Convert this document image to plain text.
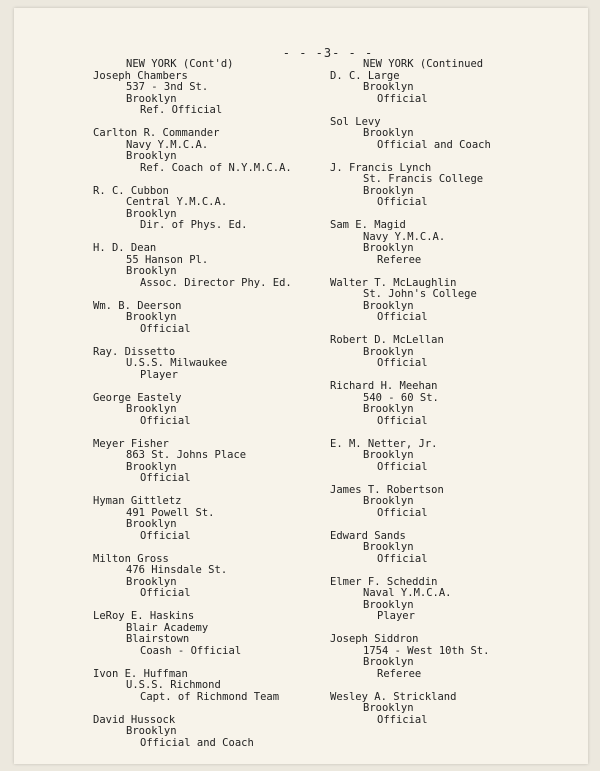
- - -3- - -
NEW YORK (Cont'd)
Joseph Chambers
537 - 3nd St.
Brooklyn
Ref. Official
Carlton R. Commander
Navy Y.M.C.A.
Brooklyn
Ref. Coach of N.Y.M.C.A.
R. C. Cubbon
Central Y.M.C.A.
Brooklyn
Dir. of Phys. Ed.
H. D. Dean
55 Hanson Pl.
Brooklyn
Assoc. Director Phy. Ed.
Wm. B. Deerson
Brooklyn
Official
Ray. Dissetto
U.S.S. Milwaukee
Player
George Eastely
Brooklyn
Official
Meyer Fisher
863 St. Johns Place
Brooklyn
Official
Hyman Gittletz
491 Powell St.
Brooklyn
Official
Milton Gross
476 Hinsdale St.
Brooklyn
Official
LeRoy E. Haskins
Blair Academy
Blairstown
Coash - Official
Ivon E. Huffman
U.S.S. Richmond
Capt. of Richmond Team
David Hussock
Brooklyn
Official and Coach
NEW YORK (Continued
D. C. Large
Brooklyn
Official
Sol Levy
Brooklyn
Official and Coach
J. Francis Lynch
St. Francis College
Brooklyn
Official
Sam E. Magid
Navy Y.M.C.A.
Brooklyn
Referee
Walter T. McLaughlin
St. John's College
Brooklyn
Official
Robert D. McLellan
Brooklyn
Official
Richard H. Meehan
540 - 60 St.
Brooklyn
Official
E. M. Netter, Jr.
Brooklyn
Official
James T. Robertson
Brooklyn
Official
Edward Sands
Brooklyn
Official
Elmer F. Scheddin
Naval Y.M.C.A.
Brooklyn
Player
Joseph Siddron
1754 - West 10th St.
Brooklyn
Referee
Wesley A. Strickland
Brooklyn
Official
